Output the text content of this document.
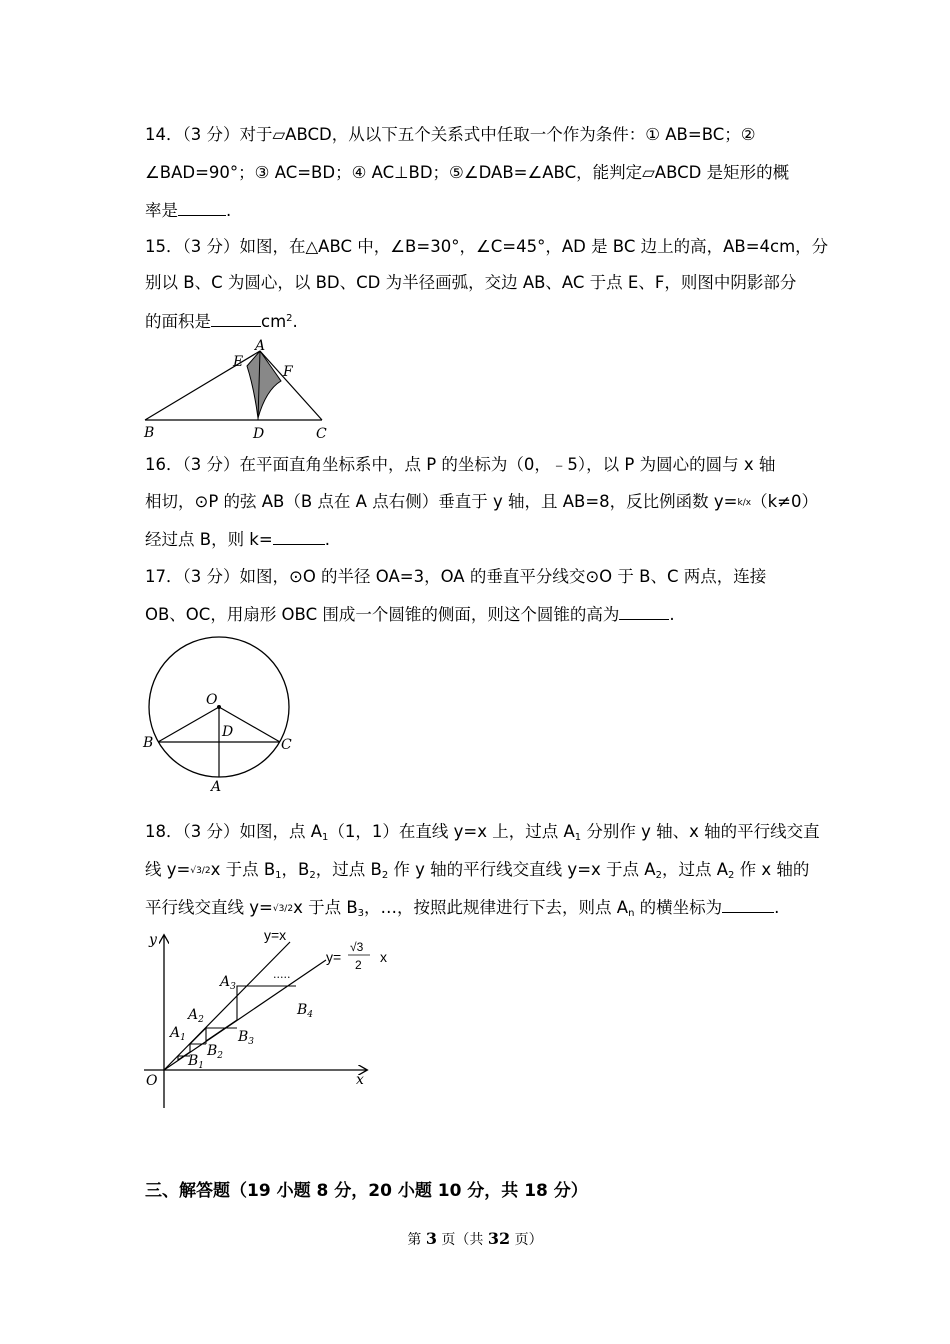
14．（3 分）对于▱ABCD，从以下五个关系式中任取一个作为条件：① AB=BC；②
∠BAD=90°；③ AC=BD；④ AC⊥BD；⑤∠DAB=∠ABC，能判定▱ABCD 是矩形的概
率是	.
15．（3 分）如图，在△ABC 中，∠B=30°，∠C=45°，AD 是 BC 边上的高，AB=4cm，分
别以 B、C 为圆心，以 BD、CD 为半径画弧，交边 AB、AC 于点 E、F，则图中阴影部分
的面积是	$cm^2$.
A
E
F
B	D	C
16．（3 分）在平面直角坐标系中，点 P 的坐标为（0，﹣5），以 P 为圆心的圆与 x 轴
相切，⊙P 的弦 AB（B 点在 A 点右侧）垂直于 y 轴，且 AB=8，反比例函数 y=k/x（k≠0）
经过点 B，则 k=	.
17．（3 分）如图，⊙O 的半径 OA=3，OA 的垂直平分线交⊙O 于 B、C 两点，连接
OB、OC，用扇形 OBC 围成一个圆锥的侧面，则这个圆锥的高为	.
O
D
B	C
A
18．（3 分）如图，点 $A_1(1$，1）在直线 y=x 上，过点 $A_1$ 分别作 y 轴、x 轴的平行线交直
线 y=√3/2x 于点 $B_1$，$B_2$，过点 $B_2$ 作 y 轴的平行线交直线 y=x 于点 $A_2$，过点 $A_2$ 作 x 轴的
平行线交直线 y=√3/2x 于点 $B_3$，…，按照此规律进行下去，则点 $A_n$ 的横坐标为	.
y
x
O
y=x
y=
√3
2 x
.....
$A_1$
$A_2$
$A_3$
$B_1$
$B_2$
$B_3$
$B_4$
三、解答题（19 小题 8 分，20 小题 10 分，共 18 分）
第 3 页（共 32 页）
